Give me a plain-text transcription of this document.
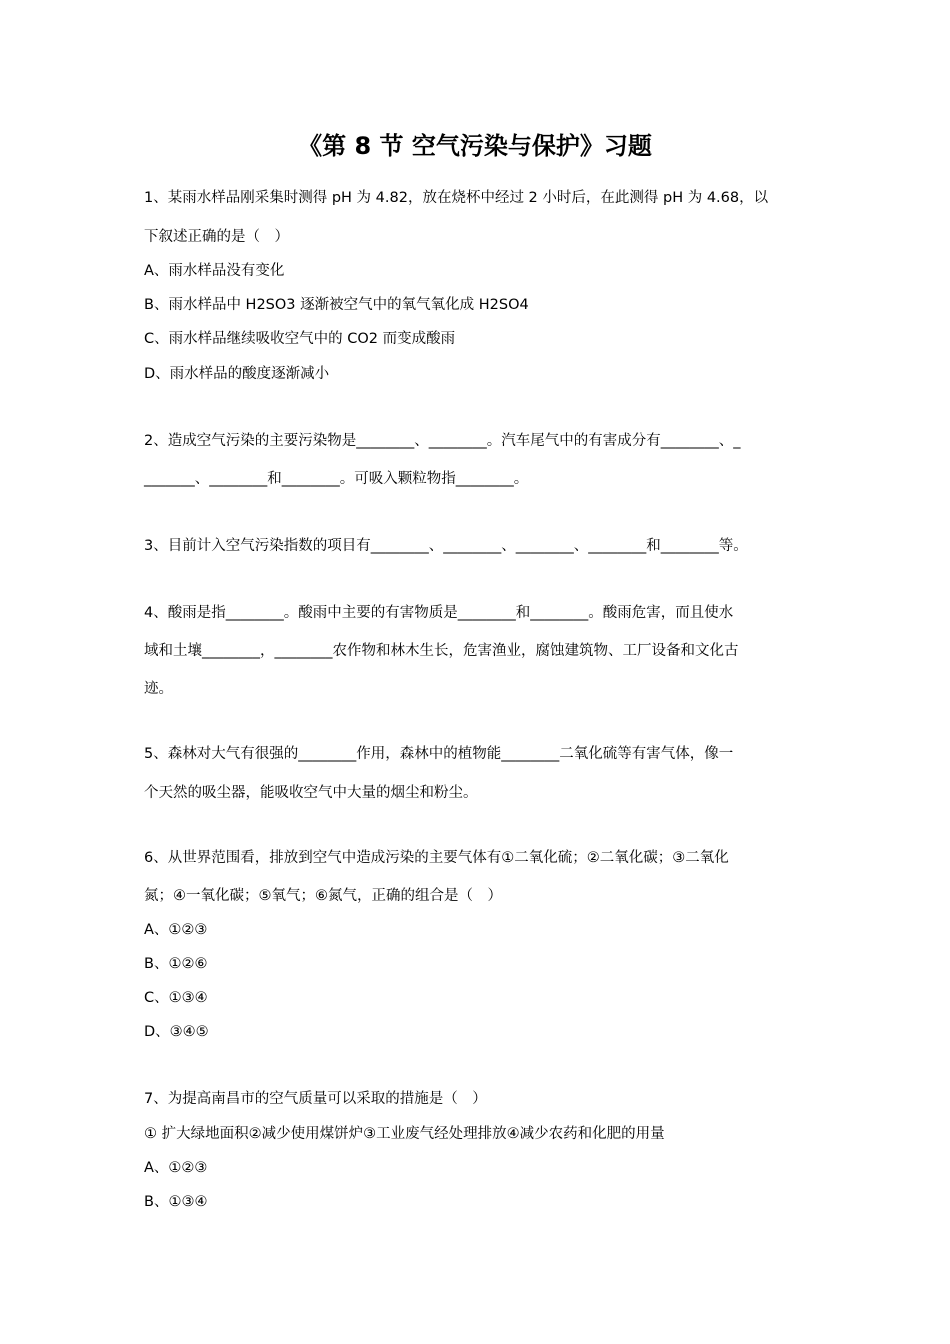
《第 8 节 空气污染与保护》习题
1、某雨水样品刚采集时测得 pH 为 4.82，放在烧杯中经过 2 小时后，在此测得 pH 为 4.68，以
下叙述正确的是（　）
A、雨水样品没有变化
B、雨水样品中 H2SO3 逐渐被空气中的氧气氧化成 H2SO4
C、雨水样品继续吸收空气中的 CO2 而变成酸雨
D、雨水样品的酸度逐渐减小
2、造成空气污染的主要污染物是________、________。汽车尾气中的有害成分有________、_
_______、________和________。可吸入颗粒物指________。
3、目前计入空气污染指数的项目有________、________、________、________和________等。
4、酸雨是指________。酸雨中主要的有害物质是________和________。酸雨危害，而且使水
域和土壤________，________农作物和林木生长，危害渔业，腐蚀建筑物、工厂设备和文化古
迹。
5、森林对大气有很强的________作用，森林中的植物能________二氧化硫等有害气体，像一
个天然的吸尘器，能吸收空气中大量的烟尘和粉尘。
6、从世界范围看，排放到空气中造成污染的主要气体有①二氧化硫；②二氧化碳；③二氧化
氮；④一氧化碳；⑤氧气；⑥氮气，正确的组合是（　）
A、①②③
B、①②⑥
C、①③④
D、③④⑤
7、为提高南昌市的空气质量可以采取的措施是（　）
① 扩大绿地面积②减少使用煤饼炉③工业废气经处理排放④减少农药和化肥的用量
A、①②③
B、①③④
